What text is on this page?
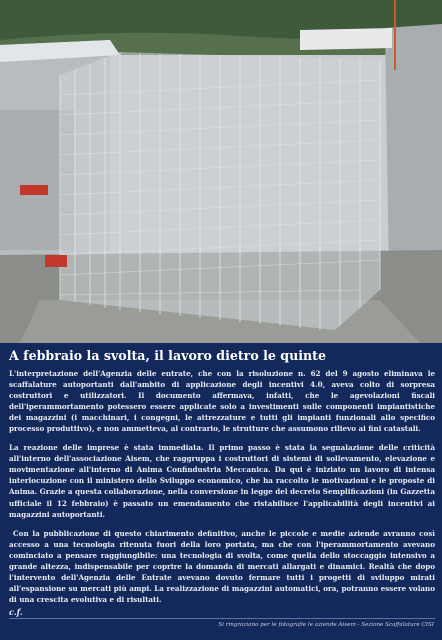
A febbraio la svolta, il lavoro dietro le quinte

L'interpretazione dell'Agenzia delle entrate, che con la risoluzione n. 62 del 9 agosto eliminava le scaffalature autoportanti dall'ambito di applicazione degli incentivi 4.0, aveva colto di sorpresa costruttori e utilizzatori. Il documento affermava, infatti, che le agevolazioni fiscali dell'iperammortamento potessero essere applicate solo a investimenti sulle componenti impiantistiche dei magazzini (i macchinari, i congegni, le attrezzature e tutti gli impianti funzionali allo specifico processo produttivo), e non ammetteva, al contrario, le strutture che assumono rilievo ai fini catastali.

La reazione delle imprese è stata immediata. Il primo passo è stata la segnalazione delle criticità all'interno dell'associazione Aisem, che raggruppa i costruttori di sistemi di sollevamento, elevazione e movimentazione all'interno di Anima Confindustria Meccanica. Da qui è iniziato un lavoro di intensa interlocuzione con il ministero dello Sviluppo economico, che ha raccolto le motivazioni e le proposte di Anima. Grazie a questa collaborazione, nella conversione in legge del decreto Semplificazioni (in Gazzetta ufficiale il 12 febbraio) è passato un emendamento che ristabilisce l'applicabilità degli incentivi ai magazzini autoportanti.

Con la pubblicazione di questo chiarimento definitivo, anche le piccole e medie aziende avranno così accesso a una tecnologia ritenuta fuori della loro portata, ma che con l'iperammortamento avevano cominciato a pensare raggiungibile: una tecnologia di svolta, come quella dello stoccaggio intensivo a grande altezza, indispensabile per coprire la domanda di mercati allargati e dinamici. Realtà che dopo l'intervento dell'Agenzia delle Entrate avevano dovuto fermare tutti i progetti di sviluppo mirati all'espansione su mercati più ampi. La realizzazione di magazzini automatici, ora, potranno essere volano di una crescita evolutiva e di risultati.

c.f.
Si ringraziano per le fotografie le aziende Aisem - Sezione Scaffalature CISI
